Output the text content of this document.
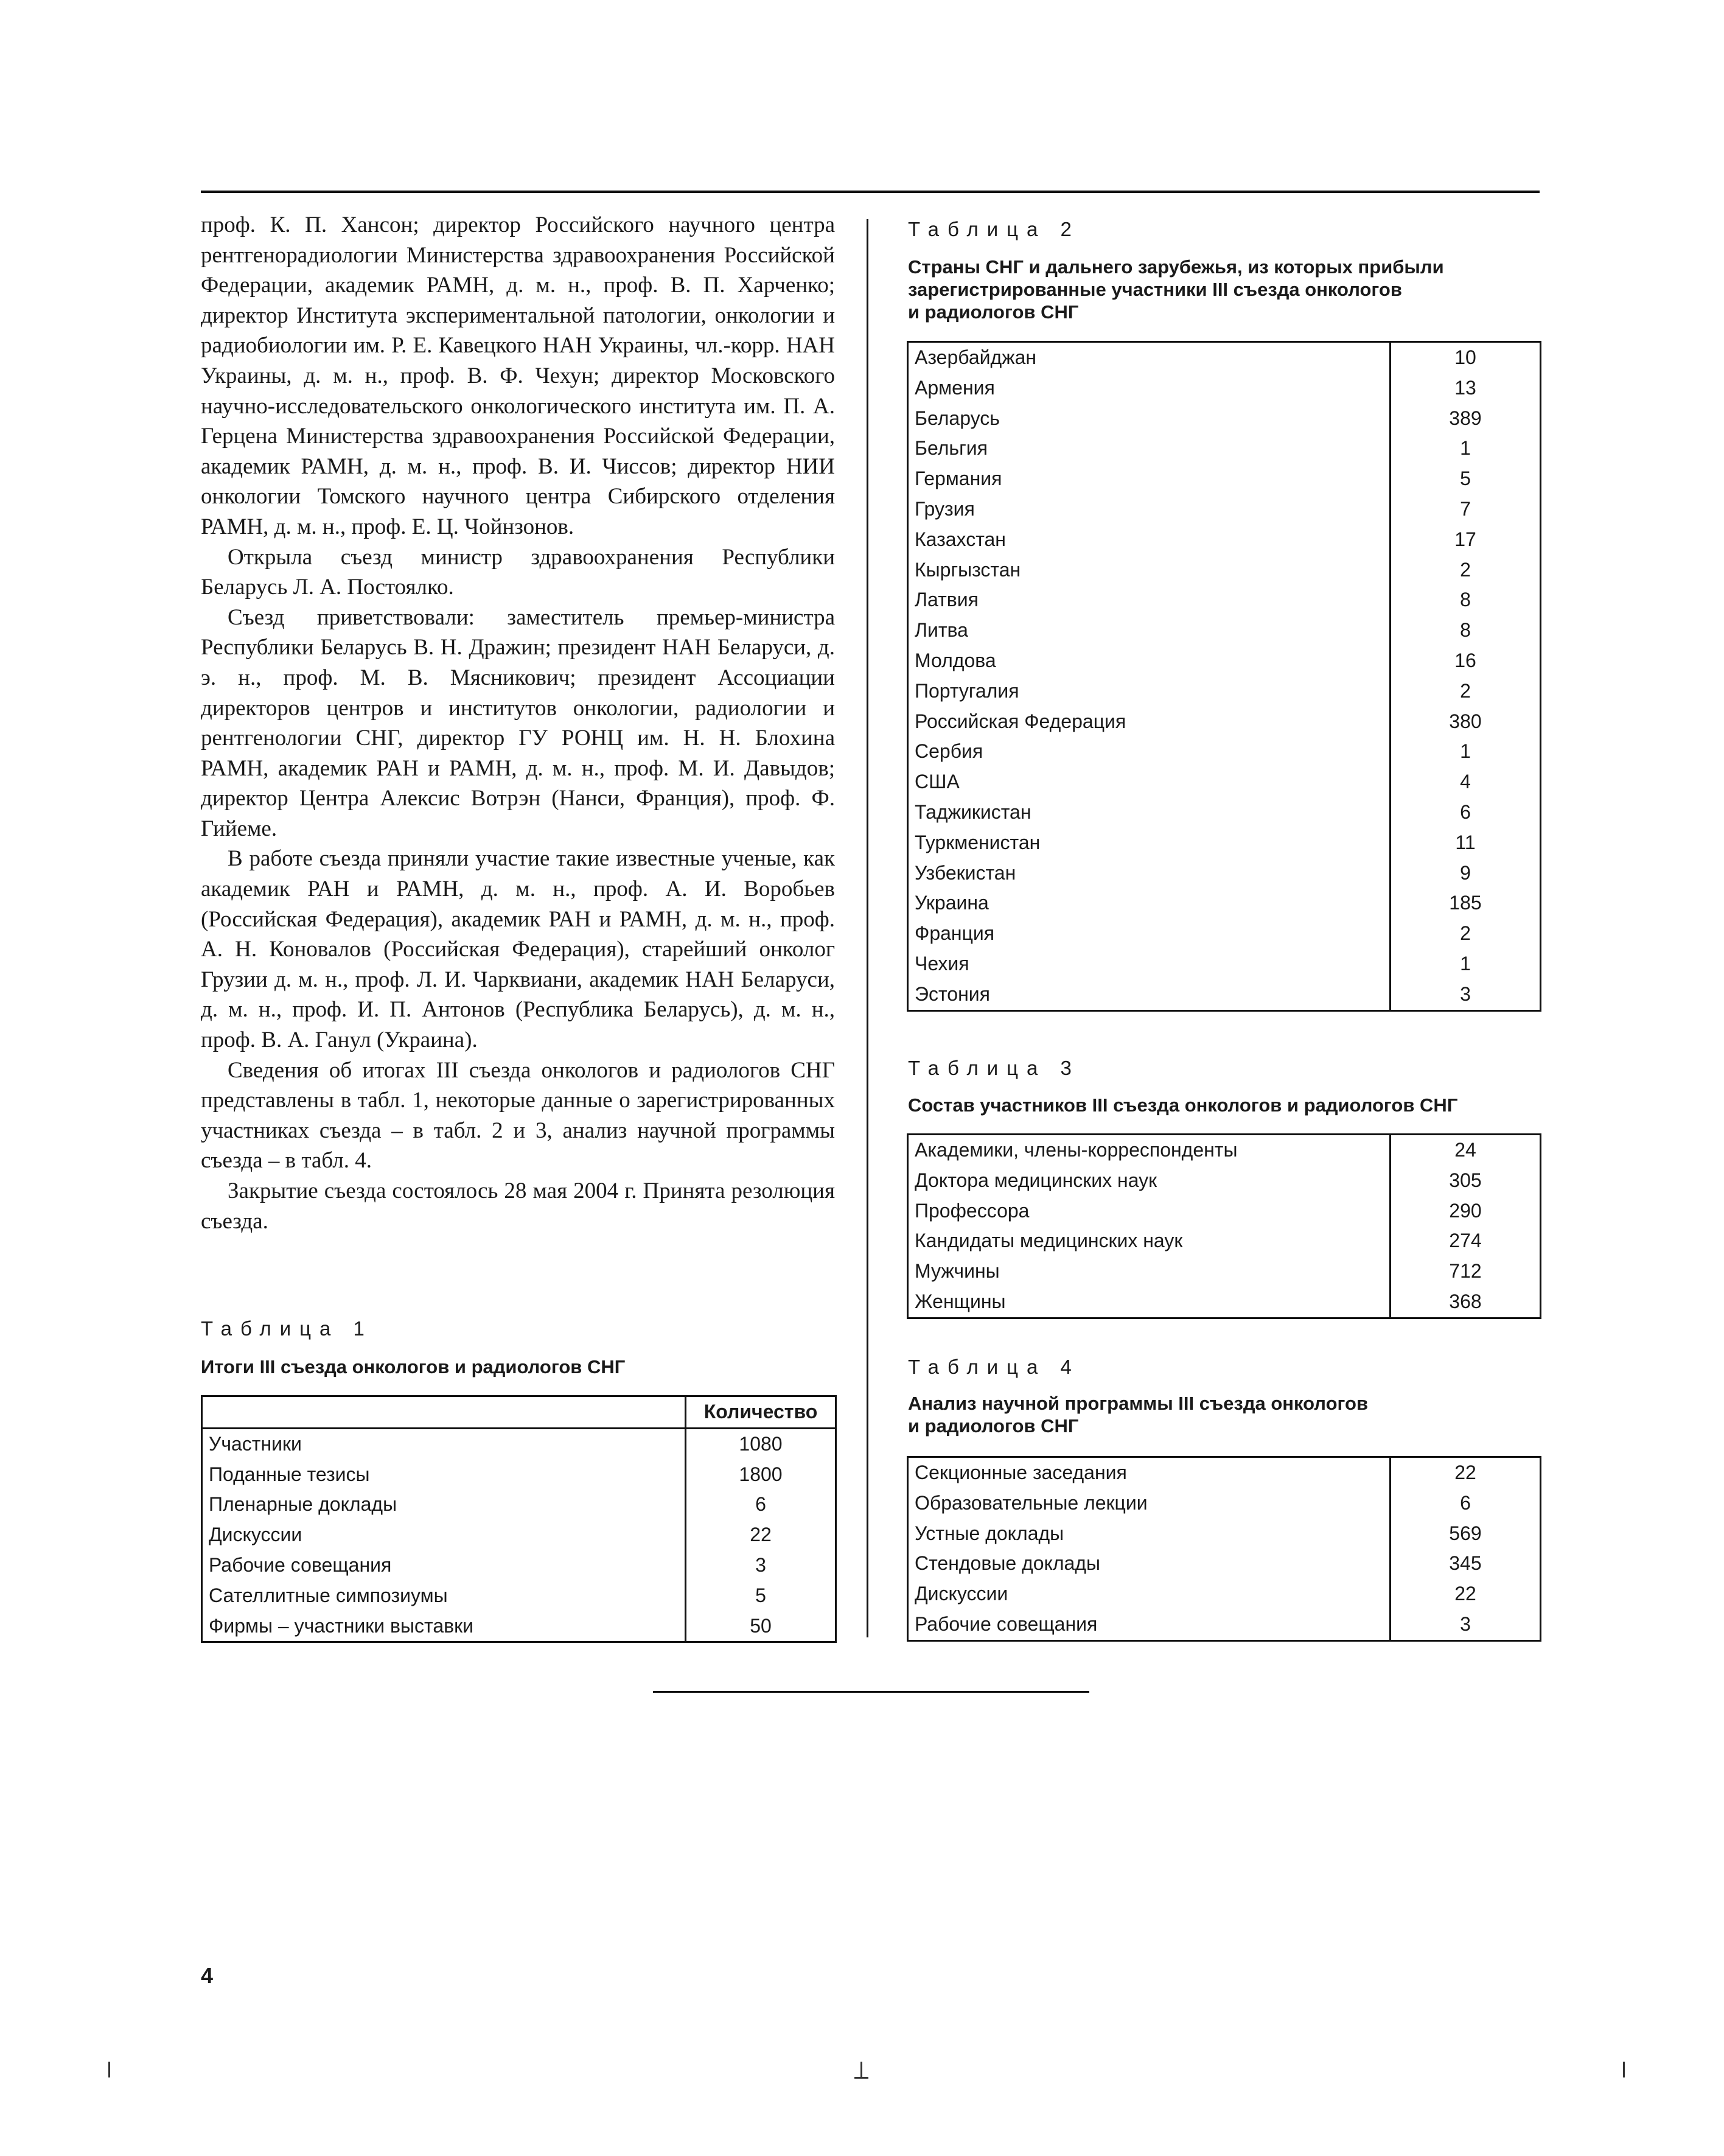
проф. К. П. Хансон; директор Российского научного центра рентгенорадиологии Министерства здравоохранения Российской Федерации, академик РАМН, д. м. н., проф. В. П. Харченко; директор Института экспериментальной патологии, онкологии и радиобиологии им. Р. Е. Кавецкого НАН Украины, чл.-корр. НАН Украины, д. м. н., проф. В. Ф. Чехун; директор Московского научно-исследовательского онкологического института им. П. А. Герцена Министерства здравоохранения Российской Федерации, академик РАМН, д. м. н., проф. В. И. Чиссов; директор НИИ онкологии Томского научного центра Сибирского отделения РАМН, д. м. н., проф. Е. Ц. Чойнзонов.

Открыла съезд министр здравоохранения Республики Беларусь Л. А. Постоялко.

Съезд приветствовали: заместитель премьер-министра Республики Беларусь В. Н. Дражин; президент НАН Беларуси, д. э. н., проф. М. В. Мясникович; президент Ассоциации директоров центров и институтов онкологии, радиологии и рентгенологии СНГ, директор ГУ РОНЦ им. Н. Н. Блохина РАМН, академик РАН и РАМН, д. м. н., проф. М. И. Давыдов; директор Центра Алексис Вотрэн (Нанси, Франция), проф. Ф. Гийеме.

В работе съезда приняли участие такие известные ученые, как академик РАН и РАМН, д. м. н., проф. А. И. Воробьев (Российская Федерация), академик РАН и РАМН, д. м. н., проф. А. Н. Коновалов (Российская Федерация), старейший онколог Грузии д. м. н., проф. Л. И. Чарквиани, академик НАН Беларуси, д. м. н., проф. И. П. Антонов (Республика Беларусь), д. м. н., проф. В. А. Ганул (Украина).

Сведения об итогах III съезда онкологов и радиологов СНГ представлены в табл. 1, некоторые данные о зарегистрированных участниках съезда – в табл. 2 и 3, анализ научной программы съезда – в табл. 4.

Закрытие съезда состоялось 28 мая 2004 г. Принята резолюция съезда.

Таблица 1
Итоги III съезда онкологов и радиологов СНГ
	Количество
Участники	1080
Поданные тезисы	1800
Пленарные доклады	6
Дискуссии	22
Рабочие совещания	3
Сателлитные симпозиумы	5
Фирмы – участники выставки	50
Таблица 2
Страны СНГ и дальнего зарубежья, из которых прибыли
зарегистрированные участники III съезда онкологов
и радиологов СНГ
Азербайджан	10
Армения	13
Беларусь	389
Бельгия	1
Германия	5
Грузия	7
Казахстан	17
Кыргызстан	2
Латвия	8
Литва	8
Молдова	16
Португалия	2
Российская Федерация	380
Сербия	1
США	4
Таджикистан	6
Туркменистан	11
Узбекистан	9
Украина	185
Франция	2
Чехия	1
Эстония	3
Таблица 3
Состав участников III съезда онкологов и радиологов СНГ
Академики, члены-корреспонденты	24
Доктора медицинских наук	305
Профессора	290
Кандидаты медицинских наук	274
Мужчины	712
Женщины	368
Таблица 4
Анализ научной программы III съезда онкологов
и радиологов СНГ
Секционные заседания	22
Образовательные лекции	6
Устные доклады	569
Стендовые доклады	345
Дискуссии	22
Рабочие совещания	3
4
